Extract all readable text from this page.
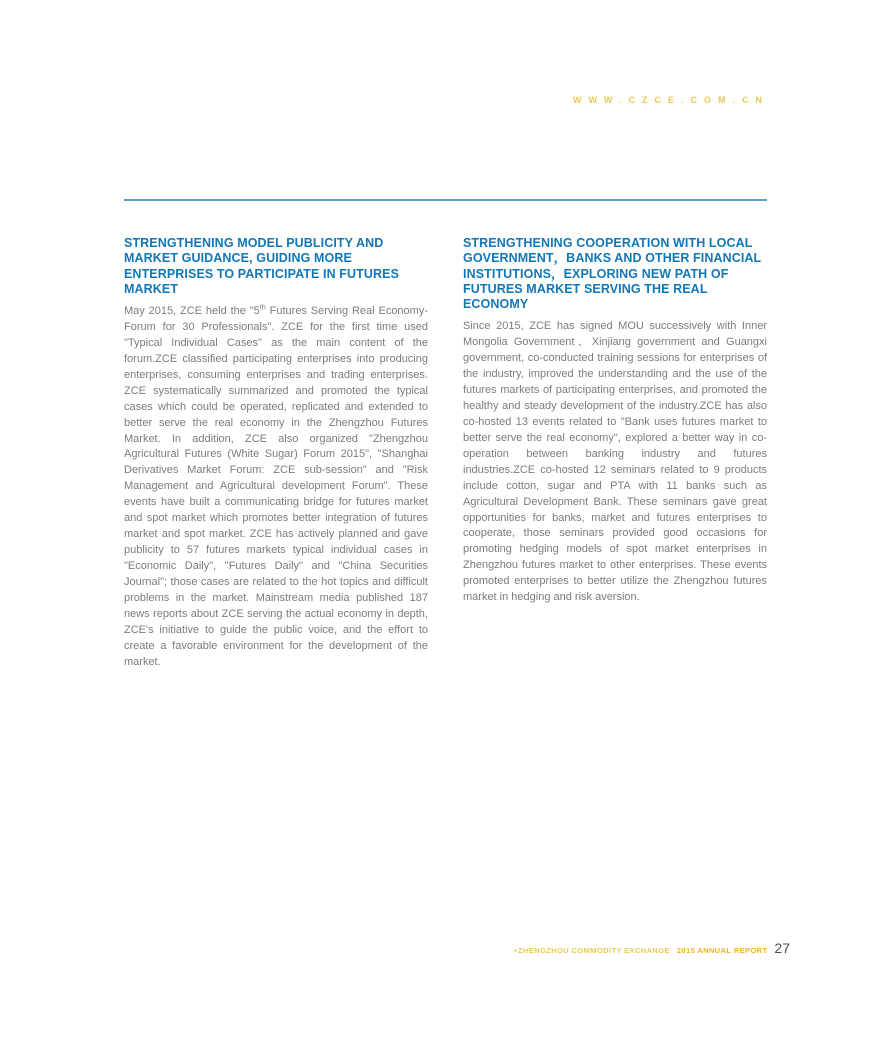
WWW.CZCE.COM.CN
STRENGTHENING MODEL PUBLICITY AND MARKET GUIDANCE, GUIDING MORE ENTERPRISES TO PARTICIPATE IN FUTURES MARKET

May 2015, ZCE held the "5th Futures Serving Real Economy-Forum for 30 Professionals". ZCE for the first time used "Typical Individual Cases" as the main content of the forum.ZCE classified participating enterprises into producing enterprises, consuming enterprises and trading enterprises. ZCE systematically summarized and promoted the typical cases which could be operated, replicated and extended to better serve the real economy in the Zhengzhou Futures Market. In addition, ZCE also organized "Zhengzhou Agricultural Futures (White Sugar) Forum 2015", "Shanghai Derivatives Market Forum: ZCE sub-session" and "Risk Management and Agricultural development Forum". These events have built a communicating bridge for futures market and spot market which promotes better integration of futures market and spot market. ZCE has actively planned and gave publicity to 57 futures markets typical individual cases in "Economic Daily", "Futures Daily" and "China Securities Journal"; those cases are related to the hot topics and difficult problems in the market. Mainstream media published 187 news reports about ZCE serving the actual economy in depth, ZCE's initiative to guide the public voice, and the effort to create a favorable environment for the development of the market.

STRENGTHENING COOPERATION WITH LOCAL GOVERNMENT，BANKS AND OTHER FINANCIAL INSTITUTIONS，EXPLORING NEW PATH OF FUTURES MARKET SERVING THE REAL ECONOMY

Since 2015, ZCE has signed MOU successively with Inner Mongolia Government、Xinjiang government and Guangxi government, co-conducted training sessions for enterprises of the industry, improved the understanding and the use of the futures markets of participating enterprises, and promoted the healthy and steady development of the industry.ZCE has also co-hosted 13 events related to "Bank uses futures market to better serve the real economy", explored a better way in co-operation between banking industry and futures industries.ZCE co-hosted 12 seminars related to 9 products include cotton, sugar and PTA with 11 banks such as Agricultural Development Bank. These seminars gave great opportunities for banks, market and futures enterprises to cooperate, those seminars provided good occasions for promoting hedging models of spot market enterprises in Zhengzhou futures market to other enterprises. These events promoted enterprises to better utilize the Zhengzhou futures market in hedging and risk aversion.

+ZHENGZHOU COMMODITY EXCHANGE 2015 ANNUAL REPORT 27
